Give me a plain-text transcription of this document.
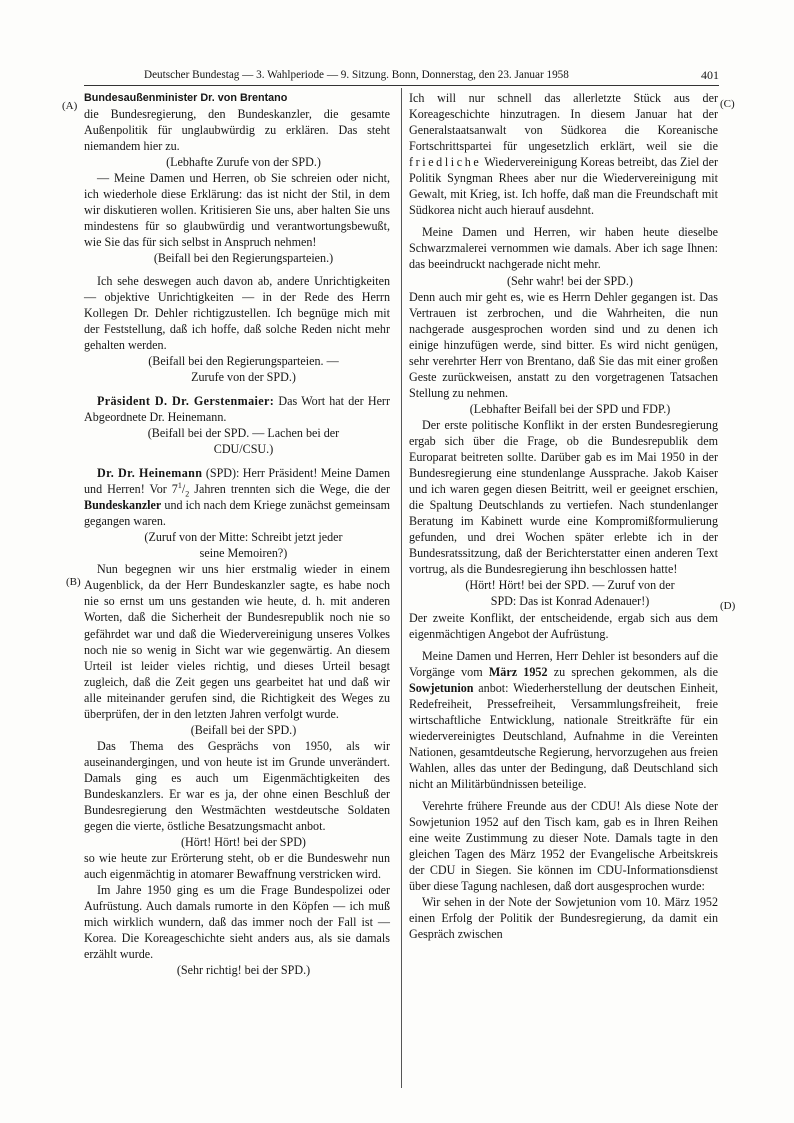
Deutscher Bundestag — 3. Wahlperiode — 9. Sitzung. Bonn, Donnerstag, den 23. Januar 1958	401
(A)
(B)
(C)
(D)
Bundesaußenminister Dr. von Brentano

die Bundesregierung, den Bundeskanzler, die gesamte Außenpolitik für unglaubwürdig zu erklären. Das steht niemandem hier zu.

(Lebhafte Zurufe von der SPD.)

— Meine Damen und Herren, ob Sie schreien oder nicht, ich wiederhole diese Erklärung: das ist nicht der Stil, in dem wir diskutieren wollen. Kritisieren Sie uns, aber halten Sie uns mindestens für so glaubwürdig und verantwortungsbewußt, wie Sie das für sich selbst in Anspruch nehmen!

(Beifall bei den Regierungsparteien.)

Ich sehe deswegen auch davon ab, andere Unrichtigkeiten — objektive Unrichtigkeiten — in der Rede des Herrn Kollegen Dr. Dehler richtigzustellen. Ich begnüge mich mit der Feststellung, daß ich hoffe, daß solche Reden nicht mehr gehalten werden.

(Beifall bei den Regierungsparteien. —

Zurufe von der SPD.)

Präsident D. Dr. Gerstenmaier: Das Wort hat der Herr Abgeordnete Dr. Heinemann.

(Beifall bei der SPD. — Lachen bei der

CDU/CSU.)

Dr. Dr. Heinemann (SPD): Herr Präsident! Meine Damen und Herren! Vor $7^1/_2$ Jahren trennten sich die Wege, die der Bundeskanzler und ich nach dem Kriege zunächst gemeinsam gegangen waren.

(Zuruf von der Mitte: Schreibt jetzt jeder

seine Memoiren?)

Nun begegnen wir uns hier erstmalig wieder in einem Augenblick, da der Herr Bundeskanzler sagte, es habe noch nie so ernst um uns gestanden wie heute, d. h. mit anderen Worten, daß die Sicherheit der Bundesrepublik noch nie so gefährdet war und daß die Wiedervereinigung unseres Volkes noch nie so wenig in Sicht war wie gegenwärtig. An diesem Urteil ist leider vieles richtig, und dieses Urteil besagt zugleich, daß die Zeit gegen uns gearbeitet hat und daß wir alle miteinander gerufen sind, die Richtigkeit des Weges zu überprüfen, der in den letzten Jahren verfolgt wurde.

(Beifall bei der SPD.)

Das Thema des Gesprächs von 1950, als wir auseinandergingen, und von heute ist im Grunde unverändert. Damals ging es auch um Eigenmächtigkeiten des Bundeskanzlers. Er war es ja, der ohne einen Beschluß der Bundesregierung den Westmächten westdeutsche Soldaten gegen die vierte, östliche Besatzungsmacht anbot.

(Hört! Hört! bei der SPD)

so wie heute zur Erörterung steht, ob er die Bundeswehr nun auch eigenmächtig in atomarer Bewaffnung verstricken wird.

Im Jahre 1950 ging es um die Frage Bundespolizei oder Aufrüstung. Auch damals rumorte in den Köpfen — ich muß mich wirklich wundern, daß das immer noch der Fall ist — Korea. Die Koreageschichte sieht anders aus, als sie damals erzählt wurde.

(Sehr richtig! bei der SPD.)

Ich will nur schnell das allerletzte Stück aus der Koreageschichte hinzutragen. In diesem Januar hat der Generalstaatsanwalt von Südkorea die Koreanische Fortschrittspartei für ungesetzlich erklärt, weil sie die friedliche Wiedervereinigung Koreas betreibt, das Ziel der Politik Syngman Rhees aber nur die Wiedervereinigung mit Gewalt, mit Krieg, ist. Ich hoffe, daß man die Freundschaft mit Südkorea nicht auch hierauf ausdehnt.

Meine Damen und Herren, wir haben heute dieselbe Schwarzmalerei vernommen wie damals. Aber ich sage Ihnen: das beeindruckt nachgerade nicht mehr.

(Sehr wahr! bei der SPD.)

Denn auch mir geht es, wie es Herrn Dehler gegangen ist. Das Vertrauen ist zerbrochen, und die Wahrheiten, die nun nachgerade ausgesprochen worden sind und zu denen ich einige hinzufügen werde, sind bitter. Es wird nicht genügen, sehr verehrter Herr von Brentano, daß Sie das mit einer großen Geste zurückweisen, anstatt zu den vorgetragenen Tatsachen Stellung zu nehmen.

(Lebhafter Beifall bei der SPD und FDP.)

Der erste politische Konflikt in der ersten Bundesregierung ergab sich über die Frage, ob die Bundesrepublik dem Europarat beitreten sollte. Darüber gab es im Mai 1950 in der Bundesregierung eine stundenlange Aussprache. Jakob Kaiser und ich waren gegen diesen Beitritt, weil er geeignet erschien, die Spaltung Deutschlands zu vertiefen. Nach stundenlanger Beratung im Kabinett wurde eine Kompromißformulierung gefunden, und drei Wochen später erlebte ich in der Bundesratssitzung, daß der Berichterstatter einen anderen Text vortrug, als die Bundesregierung ihn beschlossen hatte!

(Hört! Hört! bei der SPD. — Zuruf von der

SPD: Das ist Konrad Adenauer!)

Der zweite Konflikt, der entscheidende, ergab sich aus dem eigenmächtigen Angebot der Aufrüstung.

Meine Damen und Herren, Herr Dehler ist besonders auf die Vorgänge vom März 1952 zu sprechen gekommen, als die Sowjetunion anbot: Wiederherstellung der deutschen Einheit, Redefreiheit, Pressefreiheit, Versammlungsfreiheit, freie wirtschaftliche Entwicklung, nationale Streitkräfte für ein wiedervereinigtes Deutschland, Aufnahme in die Vereinten Nationen, gesamtdeutsche Regierung, hervorzugehen aus freien Wahlen, alles das unter der Bedingung, daß Deutschland sich nicht an Militärbündnissen beteilige.

Verehrte frühere Freunde aus der CDU! Als diese Note der Sowjetunion 1952 auf den Tisch kam, gab es in Ihren Reihen eine weite Zustimmung zu dieser Note. Damals tagte in den gleichen Tagen des März 1952 der Evangelische Arbeitskreis der CDU in Siegen. Sie können im CDU-Informationsdienst über diese Tagung nachlesen, daß dort ausgesprochen wurde:

Wir sehen in der Note der Sowjetunion vom 10. März 1952 einen Erfolg der Politik der Bundesregierung, da damit ein Gespräch zwischen
